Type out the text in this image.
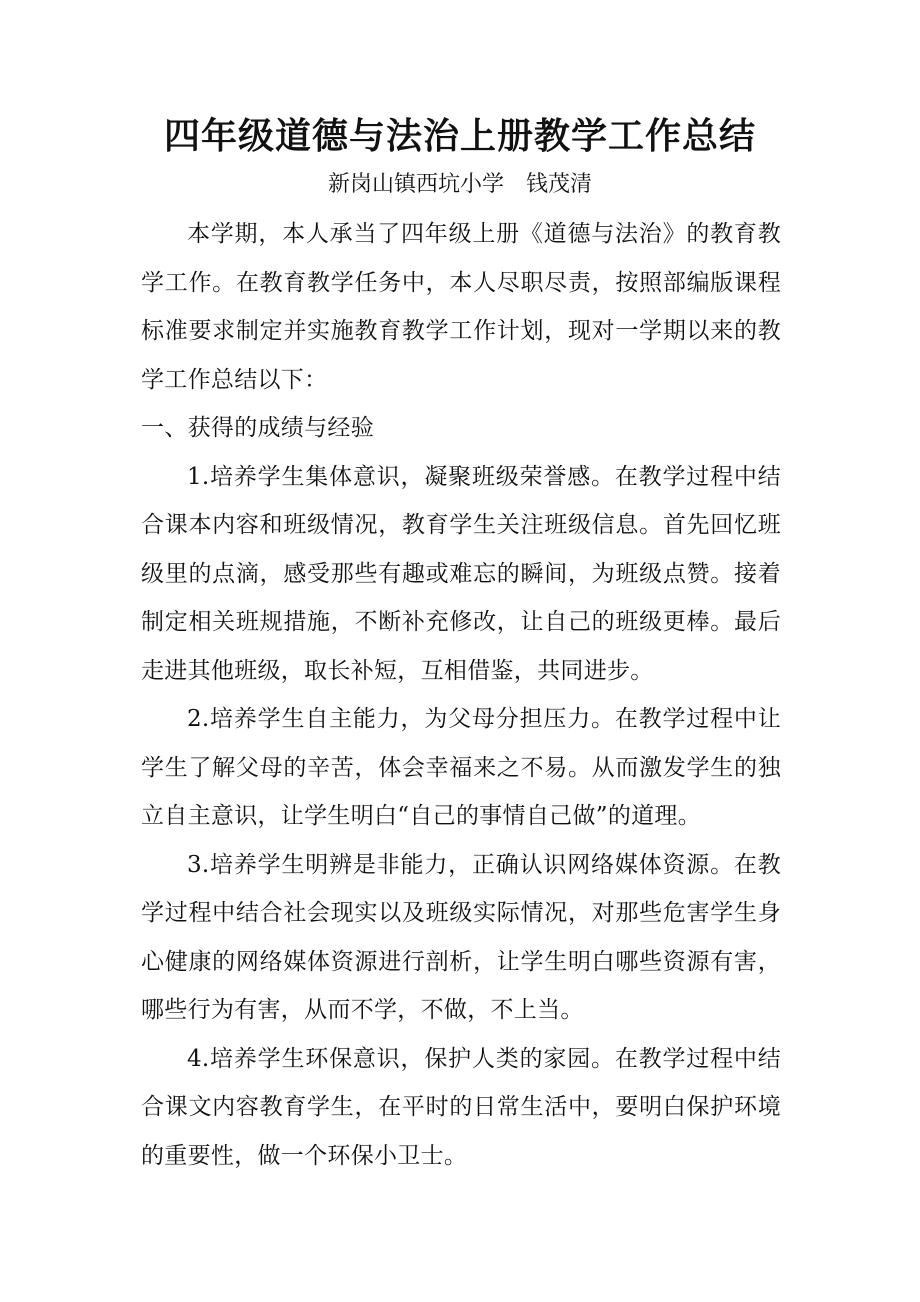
四年级道德与法治上册教学工作总结
新岗山镇西坑小学　钱茂清

本学期，本人承当了四年级上册《道德与法治》的教育教学工作。在教育教学任务中，本人尽职尽责，按照部编版课程标准要求制定并实施教育教学工作计划，现对一学期以来的教学工作总结以下：

一、获得的成绩与经验

1.培养学生集体意识，凝聚班级荣誉感。在教学过程中结合课本内容和班级情况，教育学生关注班级信息。首先回忆班级里的点滴，感受那些有趣或难忘的瞬间，为班级点赞。接着制定相关班规措施，不断补充修改，让自己的班级更棒。最后走进其他班级，取长补短，互相借鉴，共同进步。

2.培养学生自主能力，为父母分担压力。在教学过程中让学生了解父母的辛苦，体会幸福来之不易。从而激发学生的独立自主意识，让学生明白“自己的事情自己做”的道理。

3.培养学生明辨是非能力，正确认识网络媒体资源。在教学过程中结合社会现实以及班级实际情况，对那些危害学生身心健康的网络媒体资源进行剖析，让学生明白哪些资源有害，哪些行为有害，从而不学，不做，不上当。

4.培养学生环保意识，保护人类的家园。在教学过程中结合课文内容教育学生，在平时的日常生活中，要明白保护环境的重要性，做一个环保小卫士。
